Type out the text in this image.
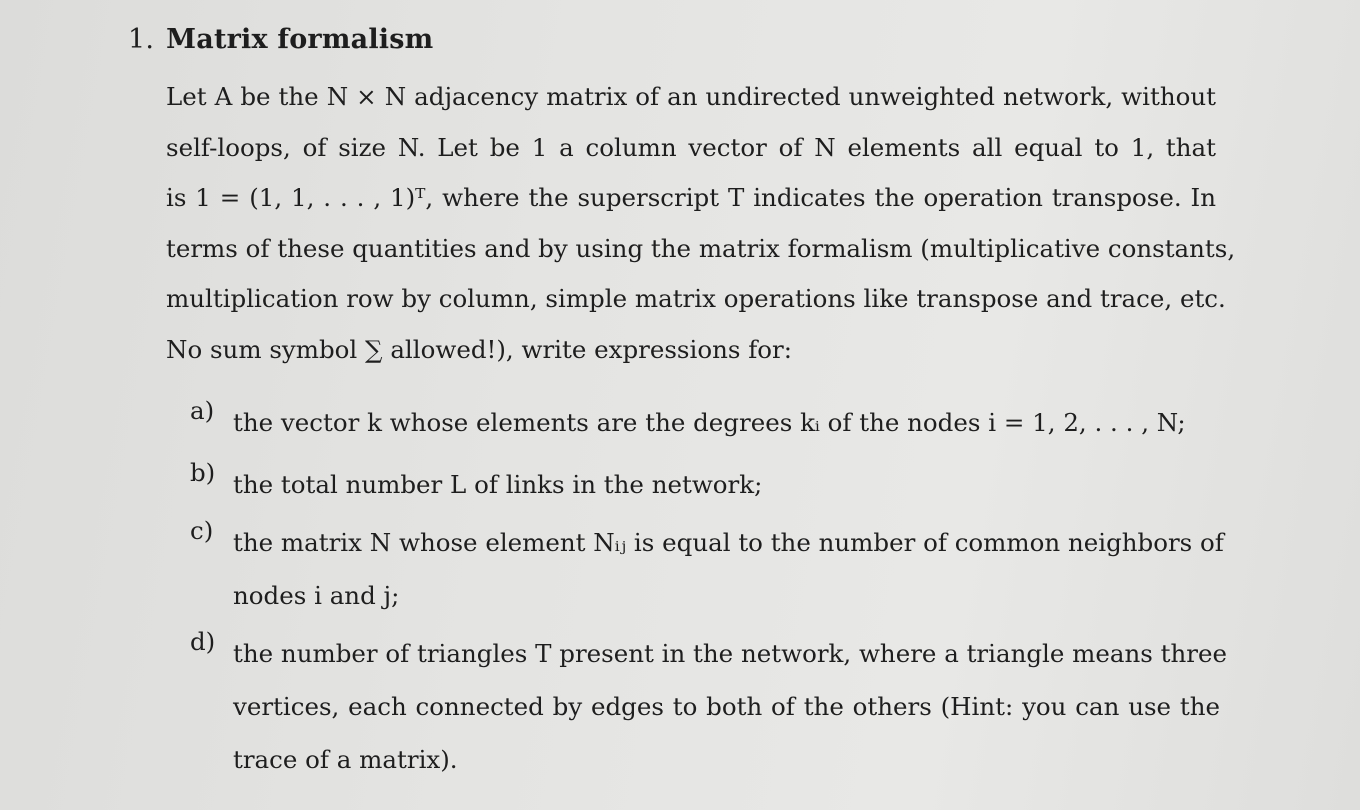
1. Matrix formalism

Let A be the N × N adjacency matrix of an undirected unweighted network, without
self-loops, of size N. Let be 1 a column vector of N elements all equal to 1, that
is 1 = (1, 1, . . . , 1)ᵀ, where the superscript T indicates the operation transpose. In
terms of these quantities and by using the matrix formalism (multiplicative constants,
multiplication row by column, simple matrix operations like transpose and trace, etc.
No sum symbol ∑ allowed!), write expressions for:

a) the vector k whose elements are the degrees kᵢ of the nodes i = 1, 2, . . . , N;
b) the total number L of links in the network;
c) the matrix N whose element Nᵢⱼ is equal to the number of common neighbors of
nodes i and j;
d) the number of triangles T present in the network, where a triangle means three
vertices, each connected by edges to both of the others (Hint: you can use the
trace of a matrix).
